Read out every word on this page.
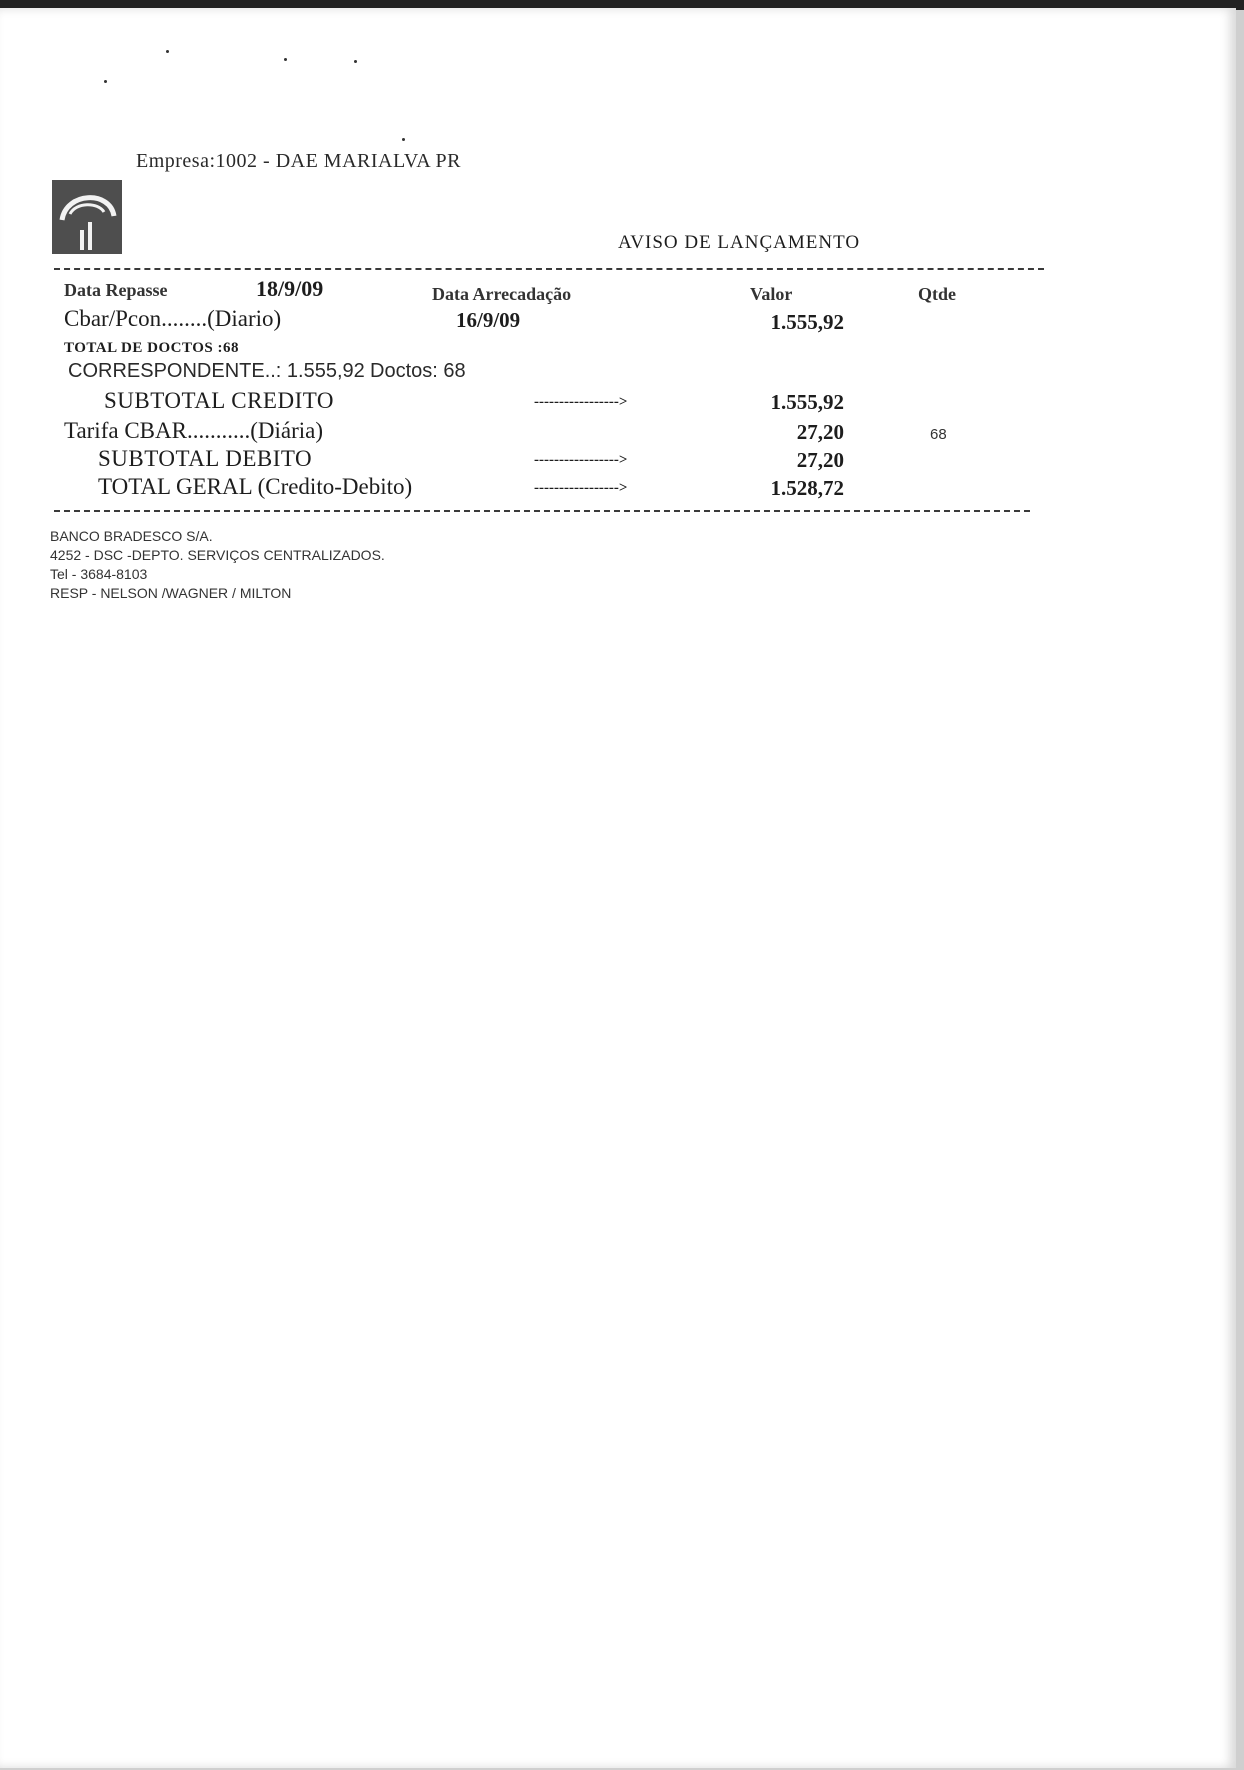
Empresa:1002 - DAE MARIALVA PR
AVISO DE LANÇAMENTO
Data Repasse	18/9/09	Data Arrecadação	Valor	Qtde
Cbar/Pcon........(Diario)	16/9/09	1.555,92
TOTAL DE DOCTOS :68
CORRESPONDENTE..: 1.555,92 Doctos: 68
SUBTOTAL CREDITO	----------------->	1.555,92
Tarifa CBAR...........(Diária)	27,20	68
SUBTOTAL DEBITO	----------------->	27,20
TOTAL GERAL (Credito-Debito)	----------------->	1.528,72
BANCO BRADESCO S/A.
4252 - DSC -DEPTO. SERVIÇOS CENTRALIZADOS.
Tel - 3684-8103
RESP - NELSON /WAGNER / MILTON
